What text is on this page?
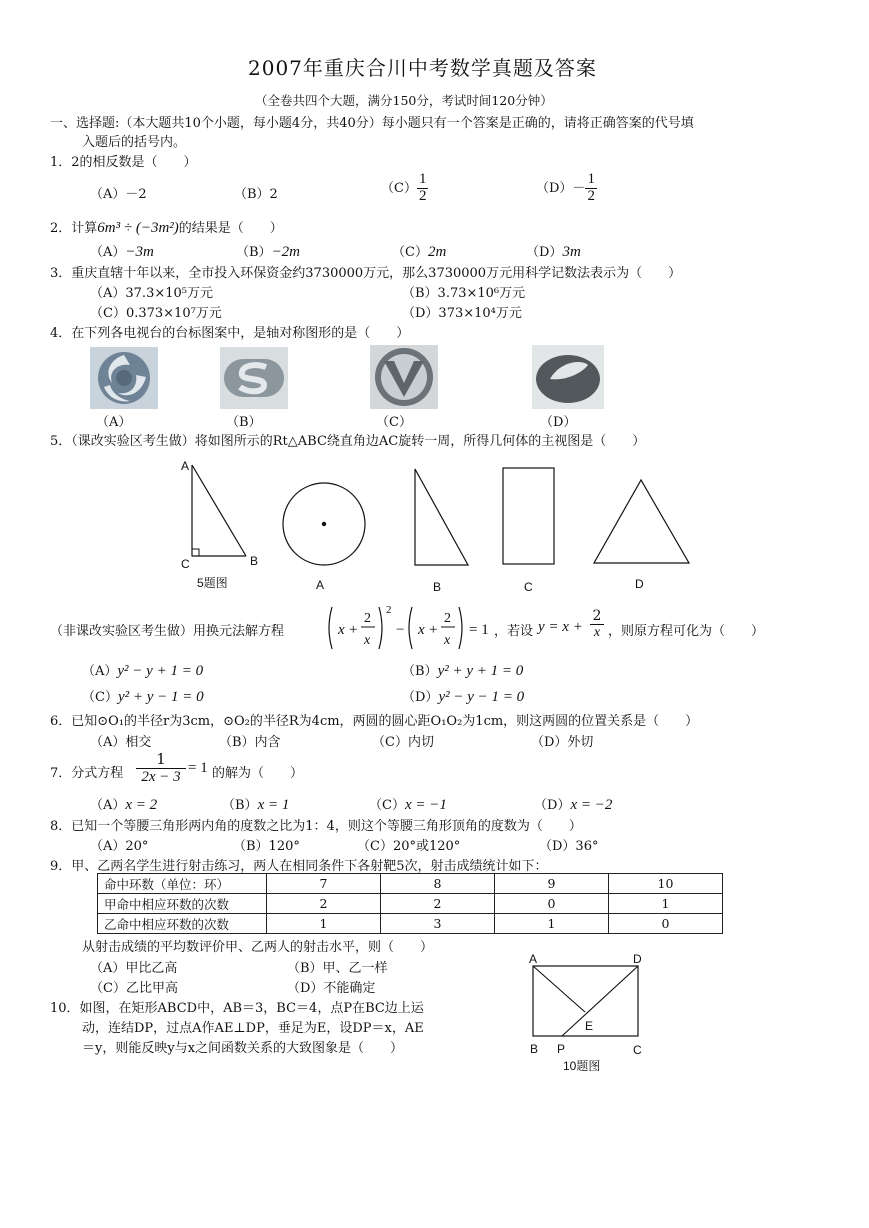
2007年重庆合川中考数学真题及答案
（全卷共四个大题，满分150分，考试时间120分钟）
一、选择题:（本大题共10个小题，每小题4分，共40分）每小题只有一个答案是正确的，请将正确答案的代号填
入题后的括号内。
1．2的相反数是（　　）
（A）－2	（B）2	$(C) \frac{1}{2}$	$(D)- \frac{1}{2}$
2．计算6m³ ÷ (−3m²)的结果是（　　）
（A）−3m	（B）−2m	（C）2m	（D）3m
3．重庆直辖十年以来，全市投入环保资金约3730000万元，那么3730000万元用科学记数法表示为（　　）
（A）37.3×10⁵万元	（B）3.73×10⁶万元
（C）0.373×10⁷万元	（D）373×10⁴万元
4．在下列各电视台的台标图案中，是轴对称图形的是（　　）
（A）	（B）	（C）	（D）
5．（课改实验区考生做）将如图所示的Rt△ABC绕直角边AC旋转一周，所得几何体的主视图是（　　）
A
C	B
5题图	A	B	C	D
（非课改实验区考生做）用换元法解方程	x +
2
x
2
− x +
2
x
= 1 ，若设 $y = x + \frac{2}{x}$ ，则原方程可化为（　　）
（A）y² − y + 1 = 0	（B）y² + y + 1 = 0
（C）y² + y − 1 = 0	（D）y² − y − 1 = 0
6．已知⊙O₁的半径r为3cm，⊙O₂的半径R为4cm，两圆的圆心距O₁O₂为1cm，则这两圆的位置关系是（　　）
（A）相交	（B）内含	（C）内切	（D）外切
7．分式方程 $\frac{1}{2x - 3} = 1$ 的解为（　　）
（A）x = 2	（B）x = 1	（C）x = −1	（D）x = −2
8．已知一个等腰三角形两内角的度数之比为1：4，则这个等腰三角形顶角的度数为（　　）
（A）20°	（B）120°	（C）20°或120°	（D）36°
9．甲、乙两名学生进行射击练习，两人在相同条件下各射靶5次，射击成绩统计如下：
命中环数（单位：环）	7	8	9	10
甲命中相应环数的次数	2	2	0	1
乙命中相应环数的次数	1	3	1	0
从射击成绩的平均数评价甲、乙两人的射击水平，则（　　）
（A）甲比乙高	（B）甲、乙一样
（C）乙比甲高	（D）不能确定
10．如图，在矩形ABCD中，AB＝3，BC＝4，点P在BC边上运
动，连结DP，过点A作AE⊥DP，垂足为E，设DP＝x，AE
＝y，则能反映y与x之间函数关系的大致图象是（　　）
A	D
E
B P	C
10题图
